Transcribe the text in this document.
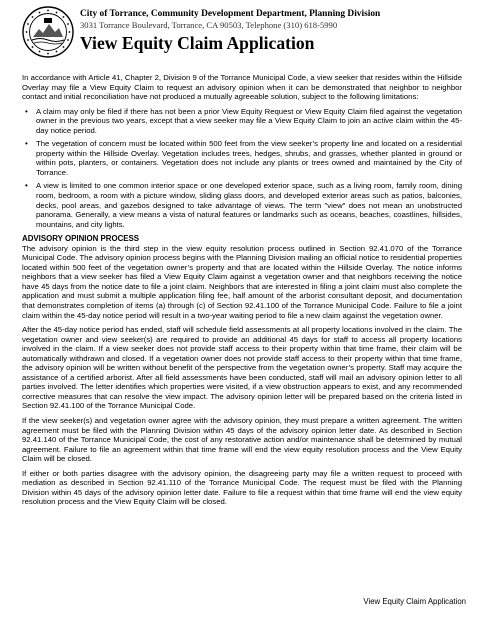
City of Torrance, Community Development Department, Planning Division
3031 Torrance Boulevard, Torrance, CA 90503, Telephone (310) 618-5990
View Equity Claim Application

In accordance with Article 41, Chapter 2, Division 9 of the Torrance Municipal Code, a view seeker that resides within the Hillside Overlay may file a View Equity Claim to request an advisory opinion when it can be demonstrated that neighbor to neighbor contact and initial reconciliation have not produced a mutually agreeable solution, subject to the following limitations:

• A claim may only be filed if there has not been a prior View Equity Request or View Equity Claim filed against the vegetation owner in the previous two years, except that a view seeker may file a View Equity Claim to join an active claim within the 45-day notice period.
• The vegetation of concern must be located within 500 feet from the view seeker’s property line and located on a residential property within the Hillside Overlay. Vegetation includes trees, hedges, shrubs, and grasses, whether planted in ground or within pots, planters, or containers. Vegetation does not include any plants or trees owned and maintained by the City of Torrance.
• A view is limited to one common interior space or one developed exterior space, such as a living room, family room, dining room, bedroom, a room with a picture window, sliding glass doors, and developed exterior areas such as patios, balconies, decks, pool areas, and gazebos designed to take advantage of views. The term "view" does not mean an unobstructed panorama. Generally, a view means a vista of natural features or landmarks such as oceans, beaches, coastlines, hillsides, mountains, and city lights.
ADVISORY OPINION PROCESS

The advisory opinion is the third step in the view equity resolution process outlined in Section 92.41.070 of the Torrance Municipal Code. The advisory opinion process begins with the Planning Division mailing an official notice to residential properties located within 500 feet of the vegetation owner’s property and that are located within the Hillside Overlay. The notice informs neighbors that a view seeker has filed a View Equity Claim against a vegetation owner and that neighbors receiving the notice have 45 days from the notice date to file a joint claim. Neighbors that are interested in filing a joint claim must also complete the application and must submit a multiple application filing fee, half amount of the arborist consultant deposit, and documentation that demonstrates completion of items (a) through (c) of Section 92.41.100 of the Torrance Municipal Code. Failure to file a joint claim within the 45-day notice period will result in a two-year waiting period to file a new claim against the vegetation owner.

After the 45-day notice period has ended, staff will schedule field assessments at all property locations involved in the claim. The vegetation owner and view seeker(s) are required to provide an additional 45 days for staff to access all property locations involved in the claim. If a view seeker does not provide staff access to their property within that time frame, their claim will be automatically withdrawn and closed. If a vegetation owner does not provide staff access to their property within that time frame, the advisory opinion will be written without benefit of the perspective from the vegetation owner’s property. Staff may acquire the assistance of a certified arborist. After all field assessments have been conducted, staff will mail an advisory opinion letter to all parties involved. The letter identifies which properties were visited, if a view obstruction appears to exist, and any recommended corrective measures that can resolve the view impact. The advisory opinion letter will be prepared based on the criteria listed in Section 92.41.100 of the Torrance Municipal Code.

If the view seeker(s) and vegetation owner agree with the advisory opinion, they must prepare a written agreement. The written agreement must be filed with the Planning Division within 45 days of the advisory opinion letter date. As described in Section 92.41.140 of the Torrance Municipal Code, the cost of any restorative action and/or maintenance shall be determined by mutual agreement. Failure to file an agreement within that time frame will end the view equity resolution process and the View Equity Claim will be closed.

If either or both parties disagree with the advisory opinion, the disagreeing party may file a written request to proceed with mediation as described in Section 92.41.110 of the Torrance Municipal Code. The request must be filed with the Planning Division within 45 days of the advisory opinion letter date. Failure to file a request within that time frame will end the view equity resolution process and the View Equity Claim will be closed.

View Equity Claim Application
